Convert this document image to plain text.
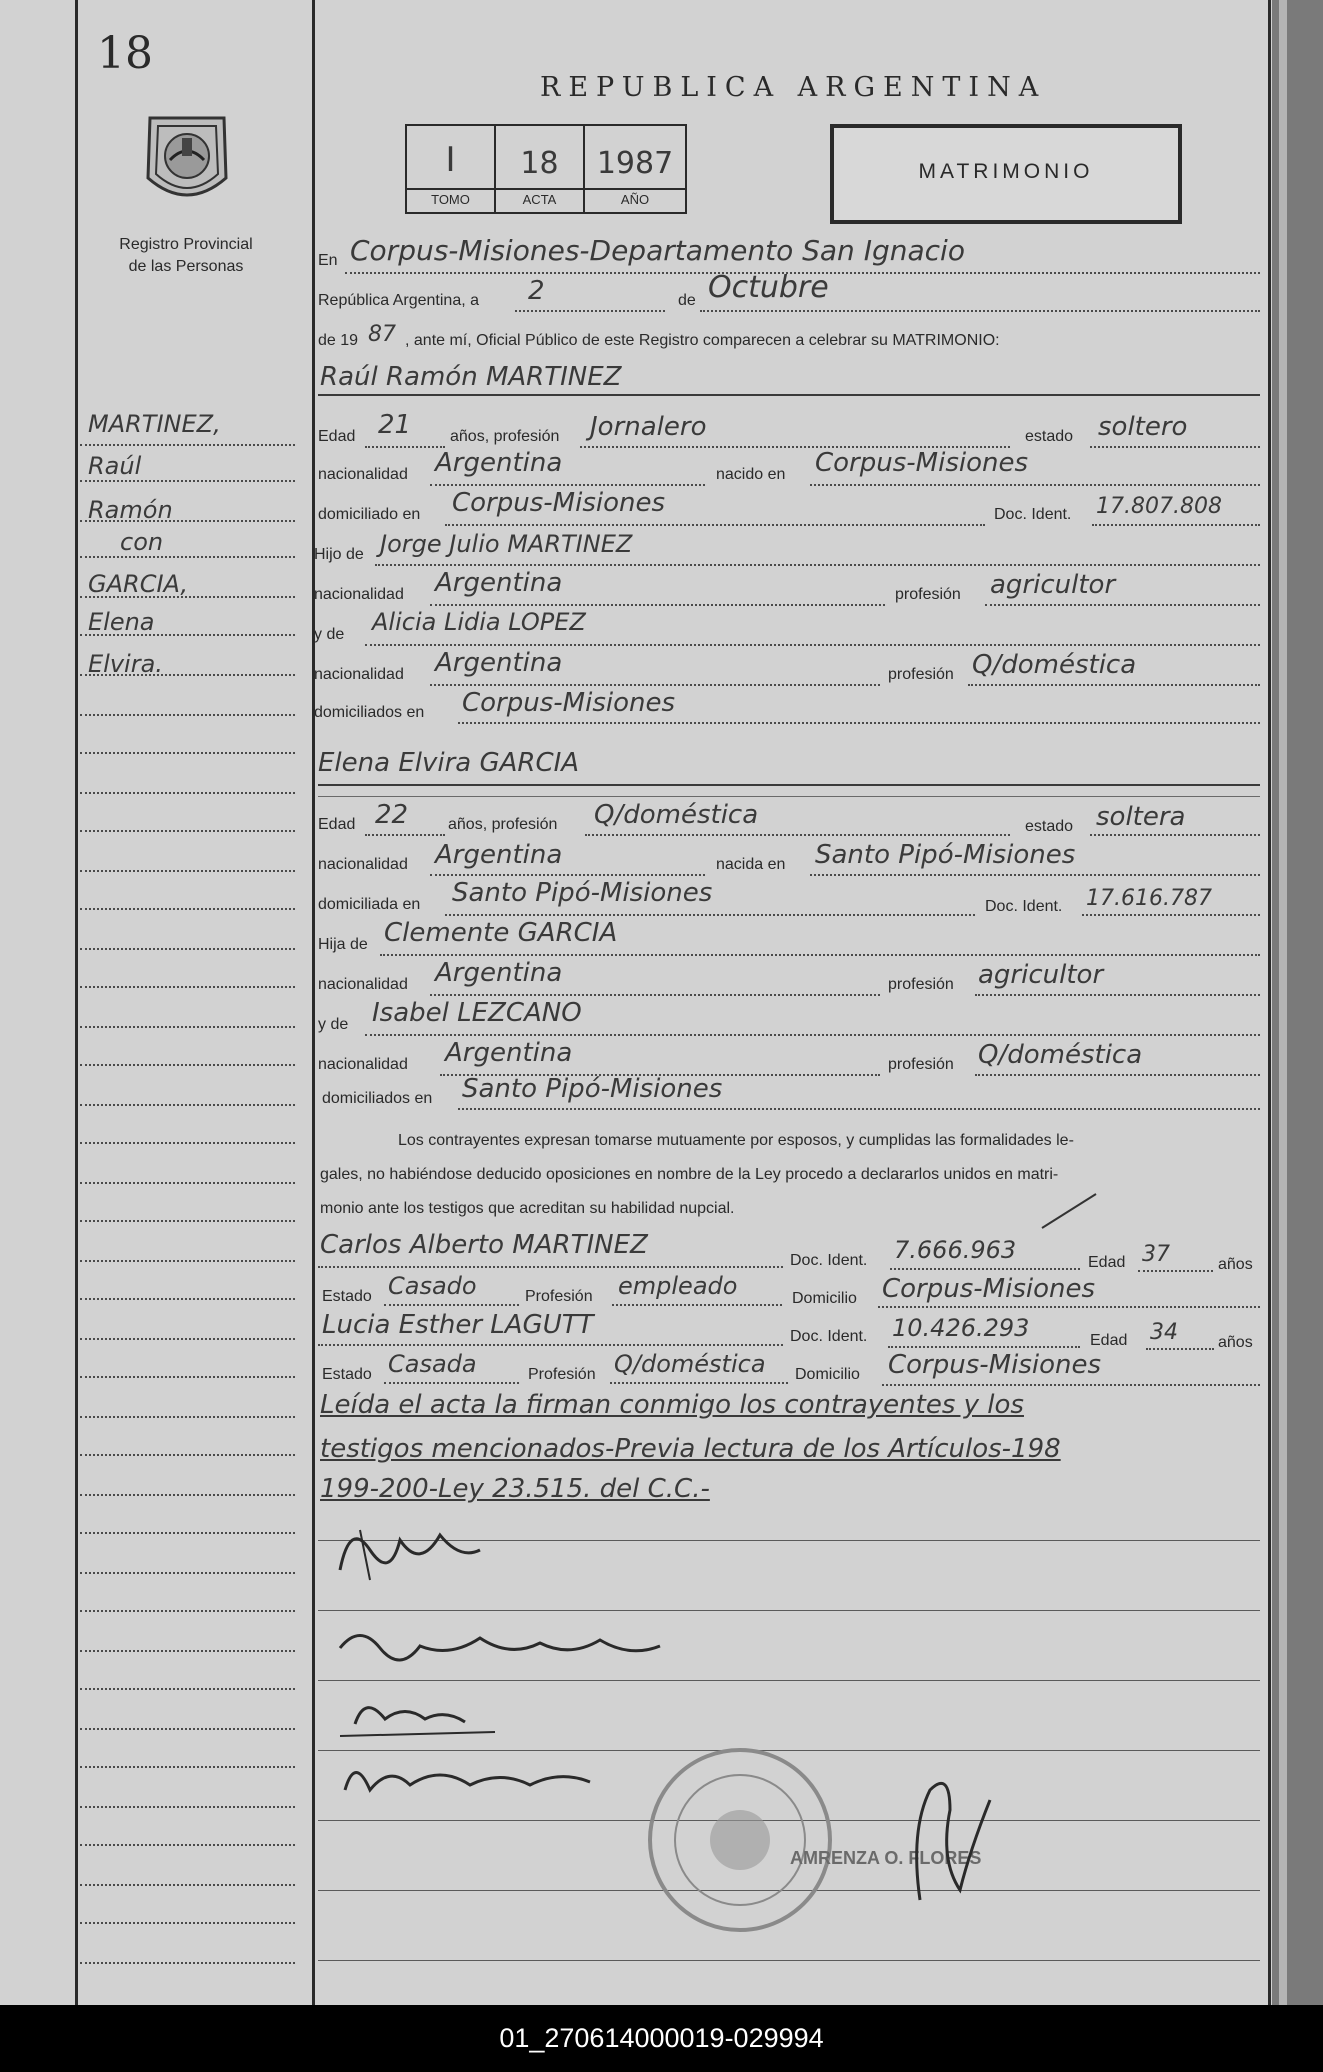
18
Registro Provincial
de las Personas
REPUBLICA ARGENTINA
I	18	1987
TOMO	ACTA	AÑO
MATRIMONIO
MARTINEZ,
Raúl
Ramón
con
GARCIA,
Elena
Elvira.
En Corpus-Misiones-Departamento San Ignacio
República Argentina, a 2	de Octubre
de 19 87 , ante mí, Oficial Público de este Registro comparecen a celebrar su MATRIMONIO:
Raúl Ramón MARTINEZ
Edad 21 años, profesión Jornalero	estado soltero
nacionalidad Argentina	nacido en Corpus-Misiones
domiciliado en Corpus-Misiones	Doc. Ident. 17.807.808
Hijo de Jorge Julio MARTINEZ
nacionalidad Argentina	profesión agricultor
y de Alicia Lidia LOPEZ
nacionalidad Argentina	profesión Q/doméstica
domiciliados en Corpus-Misiones
Elena Elvira GARCIA
Edad 22 años, profesión Q/doméstica	estado soltera
nacionalidad Argentina	nacida en Santo Pipó-Misiones
domiciliada en Santo Pipó-Misiones	Doc. Ident. 17.616.787
Hija de Clemente GARCIA
nacionalidad Argentina	profesión agricultor
y de Isabel LEZCANO
nacionalidad Argentina	profesión Q/doméstica
domiciliados en Santo Pipó-Misiones
Los contrayentes expresan tomarse mutuamente por esposos, y cumplidas las formalidades le-
gales, no habiéndose deducido oposiciones en nombre de la Ley procedo a declararlos unidos en matri-
monio ante los testigos que acreditan su habilidad nupcial.
Carlos Alberto MARTINEZ
Doc. Ident. 7.666.963	Edad 37	años
Estado Casado	Profesión empleado	Domicilio Corpus-Misiones
Lucia Esther LAGUTT	Doc. Ident. 10.426.293	Edad 34	años
Estado Casada	Profesión Q/doméstica Domicilio Corpus-Misiones
Leída el acta la firman conmigo los contrayentes y los
testigos mencionados-Previa lectura de los Artículos-198
199-200-Ley 23.515. del C.C.-
AMRENZA O. FLORES
01_270614000019-029994
